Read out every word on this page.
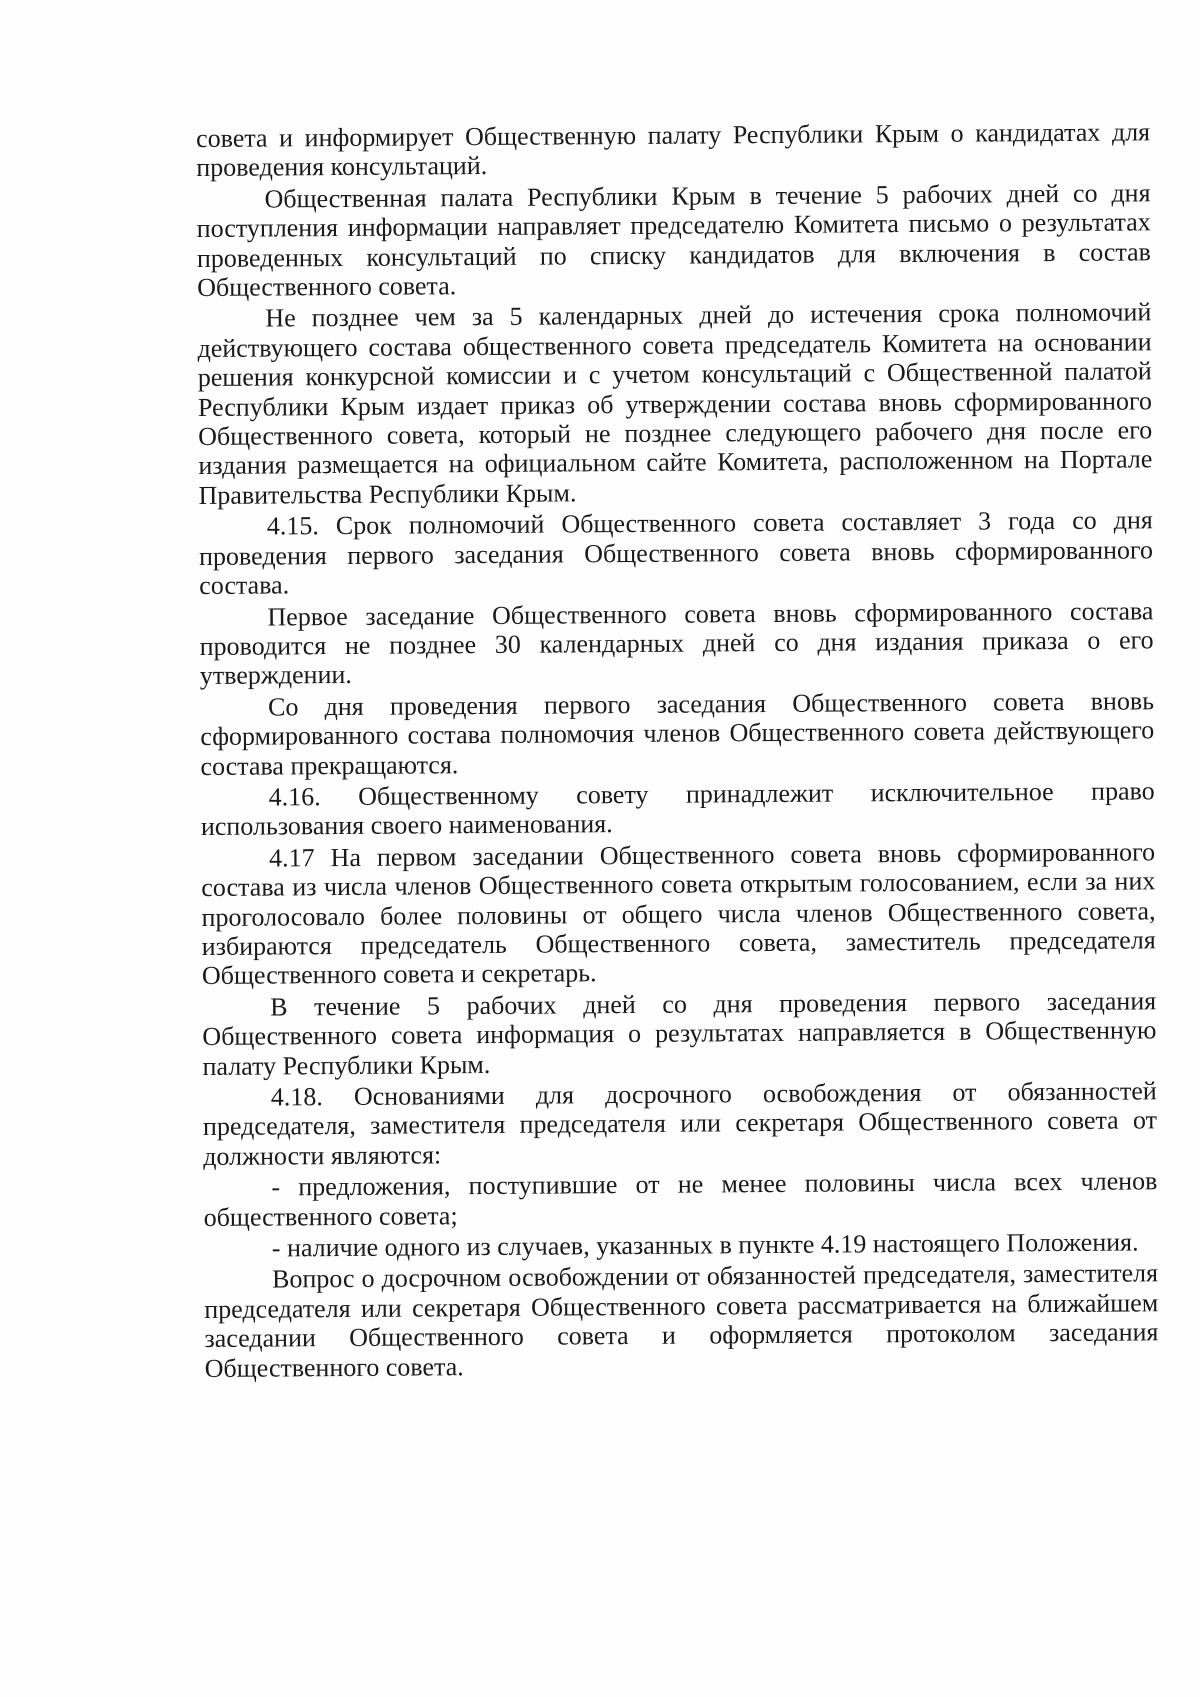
совета и информирует Общественную палату Республики Крым о кандидатах для проведения консультаций.

Общественная палата Республики Крым в течение 5 рабочих дней со дня поступления информации направляет председателю Комитета письмо о результатах проведенных консультаций по списку кандидатов для включения в состав Общественного совета.

Не позднее чем за 5 календарных дней до истечения срока полномочий действующего состава общественного совета председатель Комитета на основании решения конкурсной комиссии и с учетом консультаций с Общественной палатой Республики Крым издает приказ об утверждении состава вновь сформированного Общественного совета, который не позднее следующего рабочего дня после его издания размещается на официальном сайте Комитета, расположенном на Портале Правительства Республики Крым.

4.15. Срок полномочий Общественного совета составляет 3 года со дня проведения первого заседания Общественного совета вновь сформированного состава.

Первое заседание Общественного совета вновь сформированного состава проводится не позднее 30 календарных дней со дня издания приказа о его утверждении.

Со дня проведения первого заседания Общественного совета вновь сформированного состава полномочия членов Общественного совета действующего состава прекращаются.

4.16. Общественному совету принадлежит исключительное право использования своего наименования.

4.17 На первом заседании Общественного совета вновь сформированного состава из числа членов Общественного совета открытым голосованием, если за них проголосовало более половины от общего числа членов Общественного совета, избираются председатель Общественного совета, заместитель председателя Общественного совета и секретарь.

В течение 5 рабочих дней со дня проведения первого заседания Общественного совета информация о результатах направляется в Общественную палату Республики Крым.

4.18. Основаниями для досрочного освобождения от обязанностей председателя, заместителя председателя или секретаря Общественного совета от должности являются:

- предложения, поступившие от не менее половины числа всех членов общественного совета;

- наличие одного из случаев, указанных в пункте 4.19 настоящего Положения.

Вопрос о досрочном освобождении от обязанностей председателя, заместителя председателя или секретаря Общественного совета рассматривается на ближайшем заседании Общественного совета и оформляется протоколом заседания Общественного совета.
